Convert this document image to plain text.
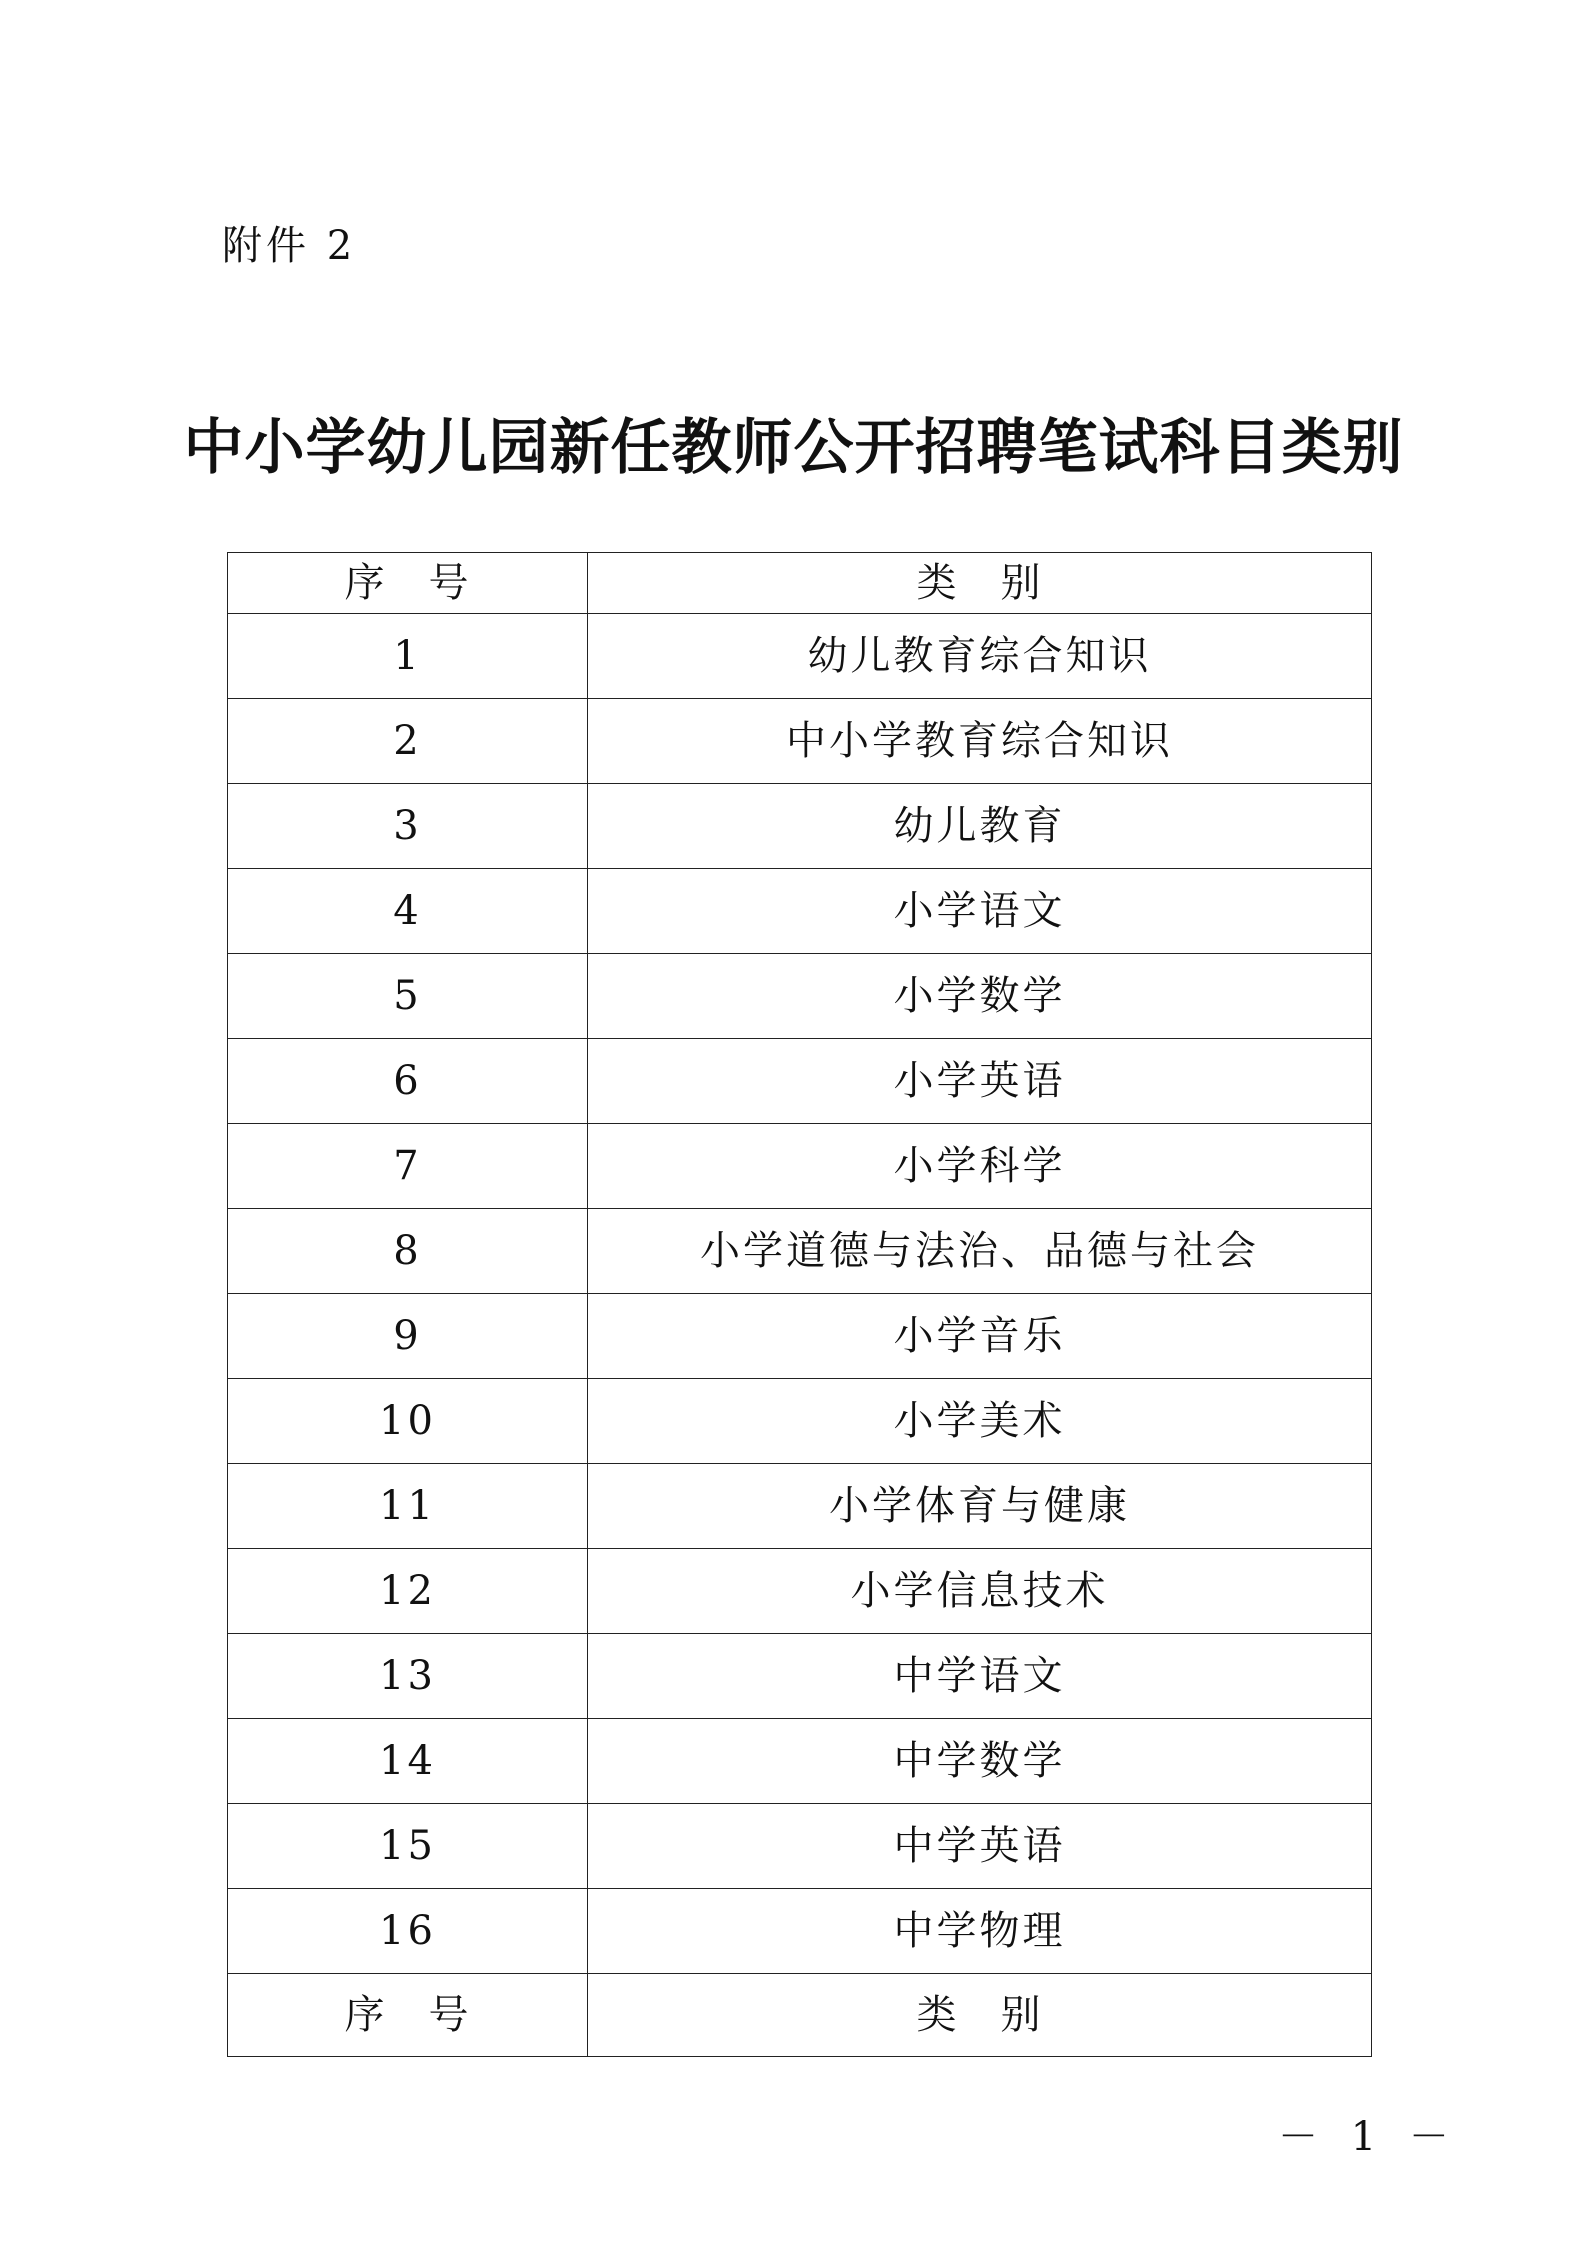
附件 2

中小学幼儿园新任教师公开招聘笔试科目类别
序 号	类 别
1	幼儿教育综合知识
2	中小学教育综合知识
3	幼儿教育
4	小学语文
5	小学数学
6	小学英语
7	小学科学
8	小学道德与法治、品德与社会
9	小学音乐
10	小学美术
11	小学体育与健康
12	小学信息技术
13	中学语文
14	中学数学
15	中学英语
16	中学物理
序 号	类 别

－ 1 －
